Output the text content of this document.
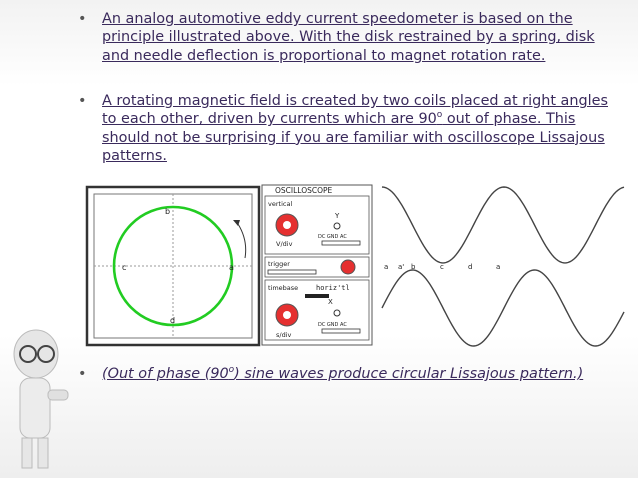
• An analog automotive eddy current speedometer is based on the principle illustrated above. With the disk restrained by a spring, disk and needle deflection is proportional to magnet rotation rate.
• A rotating magnetic field is created by two coils placed at right angles to each other, driven by currents which are 90$^o$ out of phase. This should not be surprising if you are familiar with oscilloscope Lissajous patterns.
• (Out of phase (90$^o$) sine waves produce circular Lissajous pattern.)
b
c	a
d
OSCILLOSCOPE
vertical
V/div
Y
DC GND AC
trigger
timebase	horiz'tl
X
s/div
DC GND AC
a a' b	c	d	a
